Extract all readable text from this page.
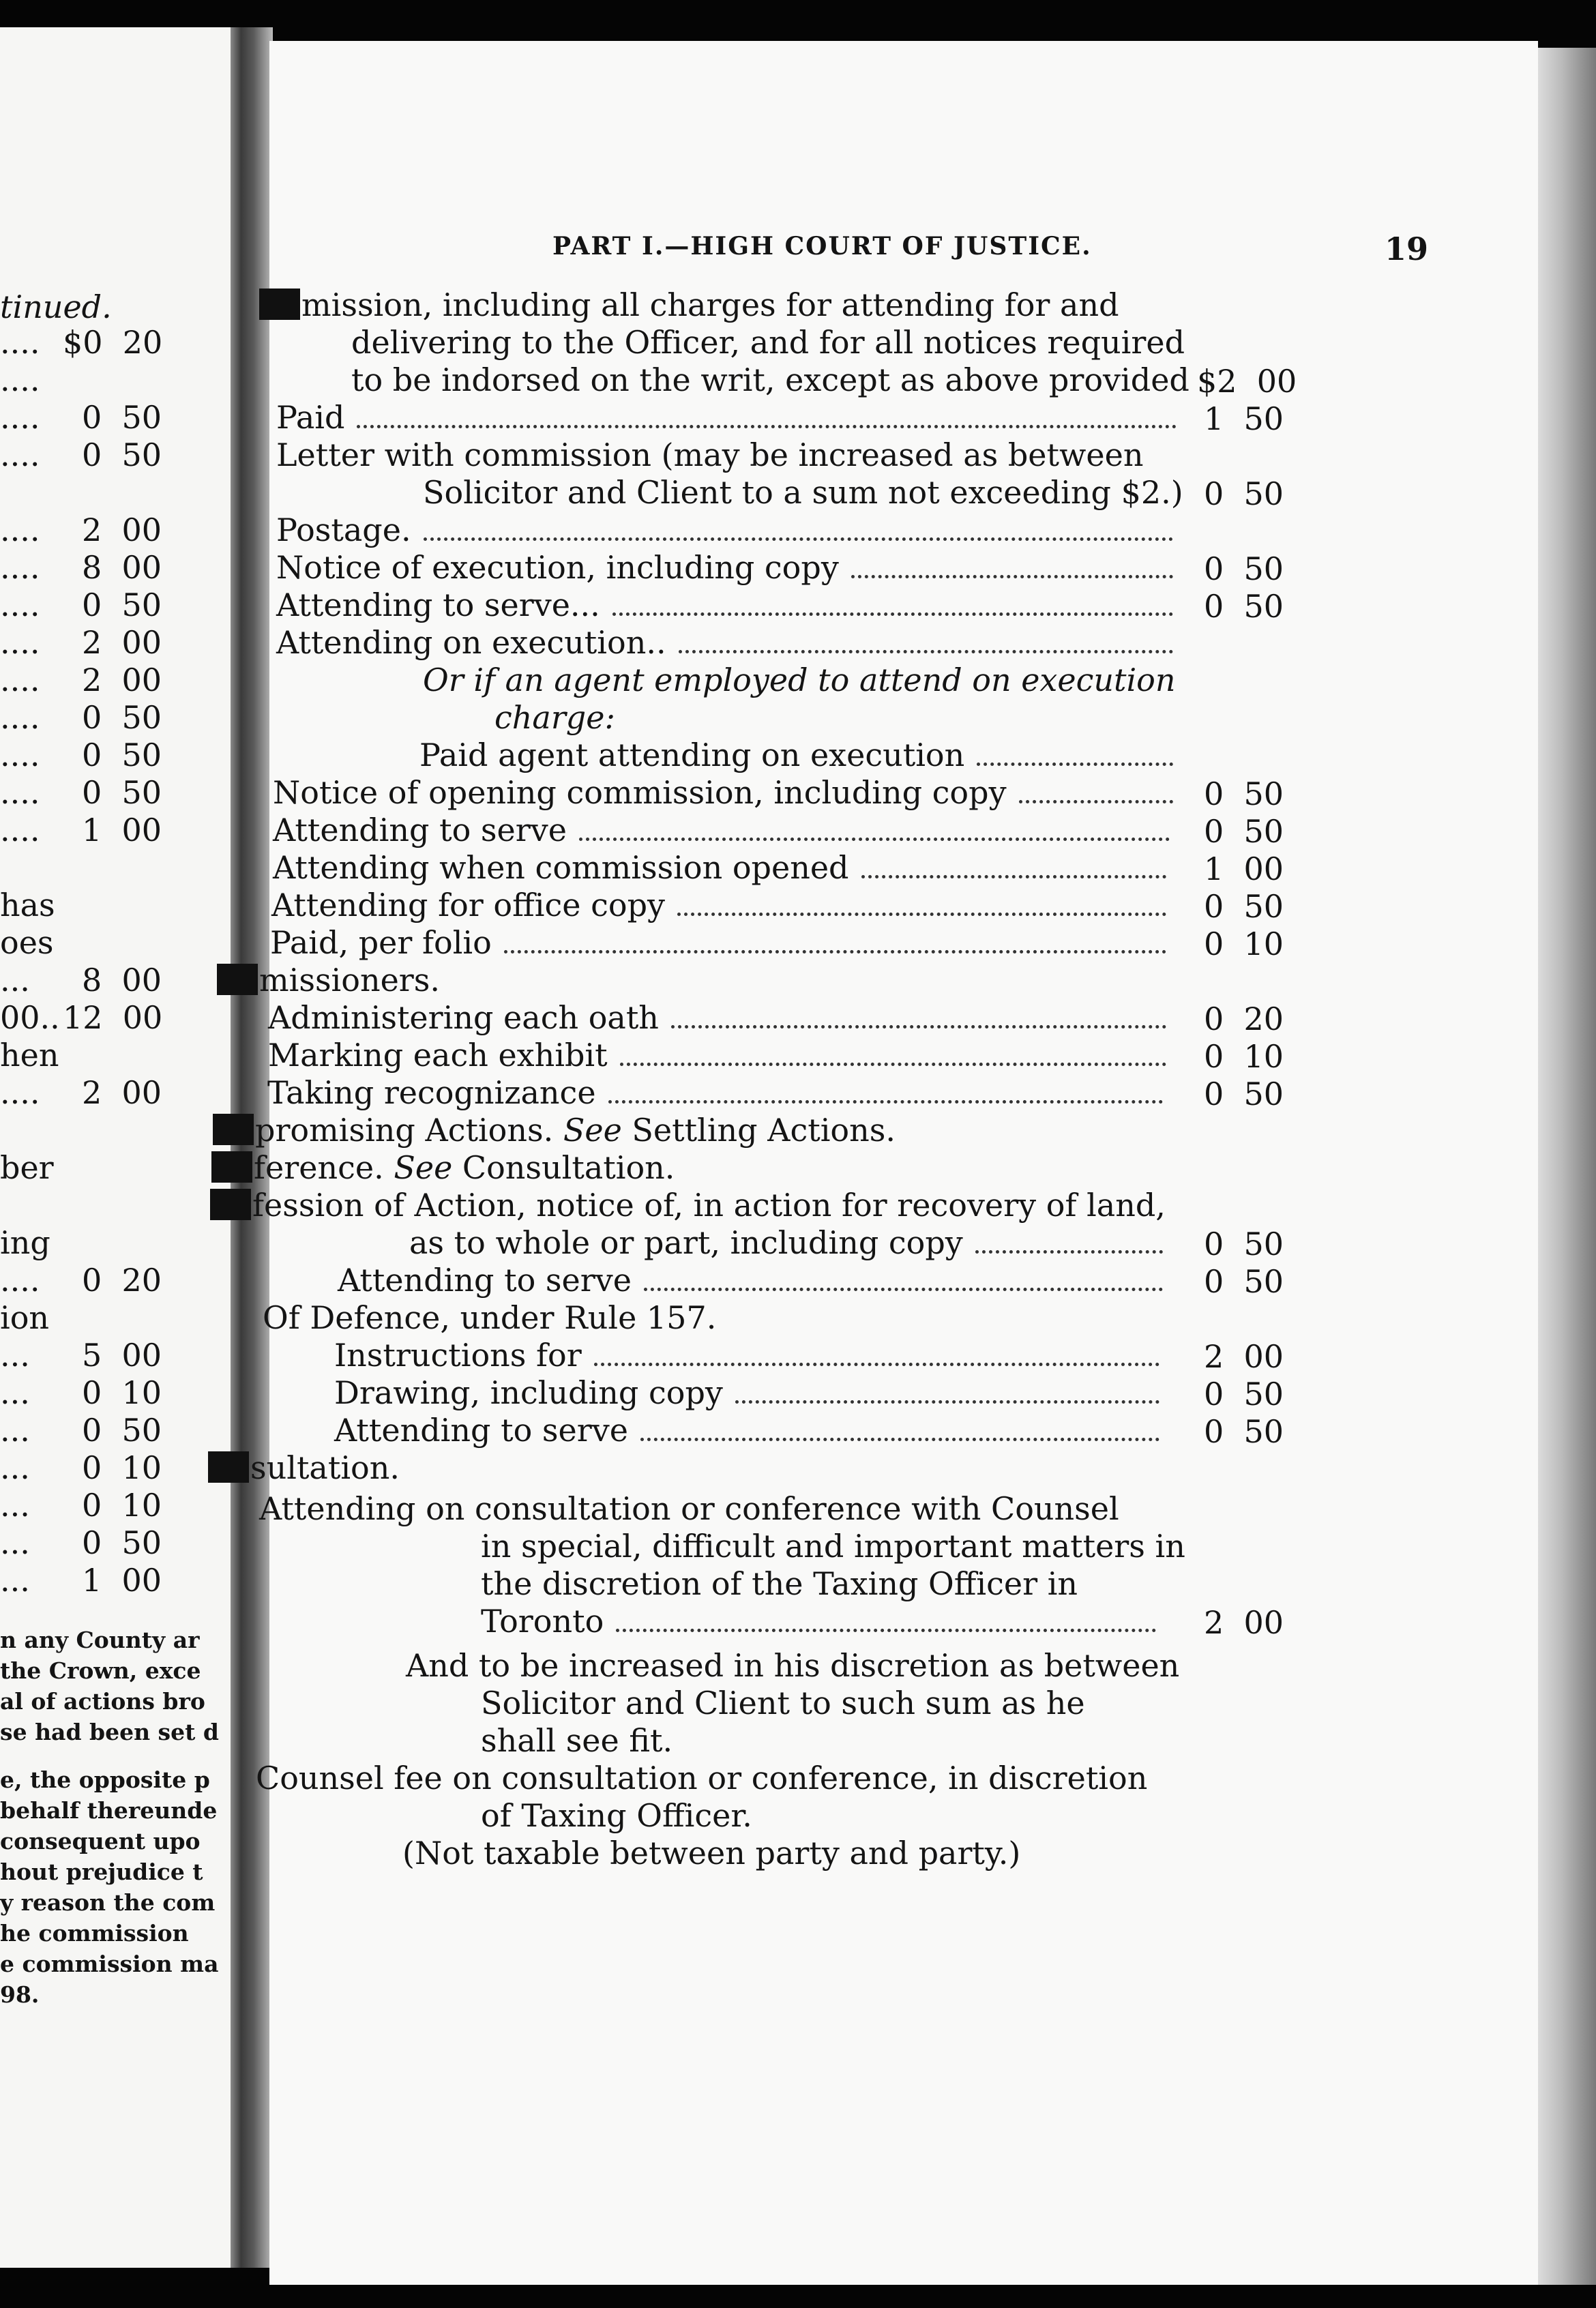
tinued.
.... $0  20
....
.... 0  50
.... 0  50
.... 2  00
.... 8  00
.... 0  50
.... 2  00
.... 2  00
.... 0  50
.... 0  50
.... 0  50
.... 1  00
has
oes
... 8  00
00.. 12  00
hen
.... 2  00
ber
ing
.... 0  20
ion
... 5  00
... 0  10
... 0  50
... 0  10
... 0  10
... 0  50
... 1  00
n any County ar
the Crown, exce
al of actions bro
se had been set d
e, the opposite p
behalf thereunde
consequent upo
hout prejudice t
y reason the com
he commission
e commission ma
98.
PART I.—HIGH COURT OF JUSTICE.	19
mission, including all charges for attending for and
delivering to the Officer, and for all notices required
to be indorsed on the writ, except as above provided $2  00
Paid	1  50
Letter with commission (may be increased as between
Solicitor and Client to a sum not exceeding $2.) 0  50
Postage.
Notice of execution, including copy	0  50
Attending to serve...	0  50
Attending on execution..
Or if an agent employed to attend on execution
charge:
Paid agent attending on execution
Notice of opening commission, including copy	0  50
Attending to serve	0  50
Attending when commission opened	1  00
Attending for office copy	0  50
Paid, per folio	0  10
missioners.
Administering each oath	0  20
Marking each exhibit	0  10
Taking recognizance	0  50
promising Actions. See Settling Actions.
ference. See Consultation.
fession of Action, notice of, in action for recovery of land,
as to whole or part, including copy	0  50
Attending to serve	0  50
Of Defence, under Rule 157.
Instructions for	2  00
Drawing, including copy	0  50
Attending to serve	0  50
sultation.
Attending on consultation or conference with Counsel
in special, difficult and important matters in
the discretion of the Taxing Officer in
Toronto	2  00
And to be increased in his discretion as between
Solicitor and Client to such sum as he
shall see fit.
Counsel fee on consultation or conference, in discretion
of Taxing Officer.
(Not taxable between party and party.)
